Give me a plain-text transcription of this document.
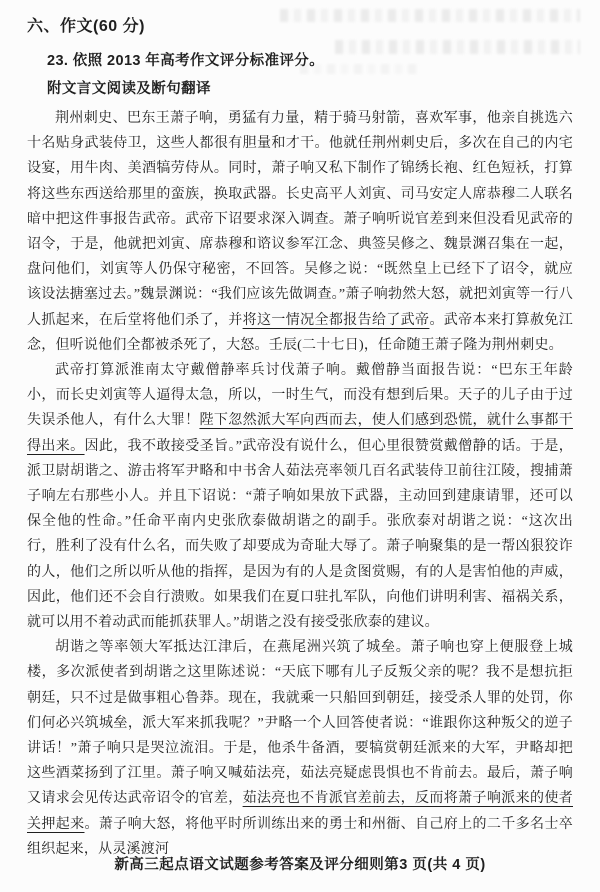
六、作文(60 分)
23. 依照 2013 年高考作文评分标准评分。
附文言文阅读及断句翻译

荆州刺史、巴东王萧子响，勇猛有力量，精于骑马射箭，喜欢军事，他亲自挑选六十名贴身武装侍卫，这些人都很有胆量和才干。他就任荆州刺史后，多次在自己的内宅设宴，用牛肉、美酒犒劳侍从。同时，萧子响又私下制作了锦绣长袍、红色短袄，打算将这些东西送给那里的蛮族，换取武器。长史高平人刘寅、司马安定人席恭穆二人联名暗中把这件事报告武帝。武帝下诏要求深入调查。萧子响听说官差到来但没看见武帝的诏令，于是，他就把刘寅、席恭穆和谘议参军江念、典签吴修之、魏景渊召集在一起，盘问他们，刘寅等人仍保守秘密，不回答。吴修之说：“既然皇上已经下了诏令，就应该设法搪塞过去。”魏景渊说：“我们应该先做调查。”萧子响勃然大怒，就把刘寅等一行八人抓起来，在后堂将他们杀了，并将这一情况全都报告给了武帝。武帝本来打算赦免江念，但听说他们全都被杀死了，大怒。壬辰(二十七日)，任命随王萧子隆为荆州刺史。

武帝打算派淮南太守戴僧静率兵讨伐萧子响。戴僧静当面报告说：“巴东王年龄小，而长史刘寅等人逼得太急，所以，一时生气，而没有想到后果。天子的儿子由于过失误杀他人，有什么大罪！陛下忽然派大军向西而去，使人们感到恐慌，就什么事都干得出来。因此，我不敢接受圣旨。”武帝没有说什么，但心里很赞赏戴僧静的话。于是，派卫尉胡谐之、游击将军尹略和中书舍人茹法亮率领几百名武装侍卫前往江陵，搜捕萧子响左右那些小人。并且下诏说：“萧子响如果放下武器，主动回到建康请罪，还可以保全他的性命。”任命平南内史张欣泰做胡谐之的副手。张欣泰对胡谐之说：“这次出行，胜利了没有什么名，而失败了却要成为奇耻大辱了。萧子响聚集的是一帮凶狠狡诈的人，他们之所以听从他的指挥，是因为有的人是贪图赏赐，有的人是害怕他的声威，因此，他们还不会自行溃败。如果我们在夏口驻扎军队，向他们讲明利害、福祸关系，就可以用不着动武而能抓获罪人。”胡谐之没有接受张欣泰的建议。

胡谐之等率领大军抵达江津后，在燕尾洲兴筑了城垒。萧子响也穿上便服登上城楼，多次派使者到胡谐之这里陈述说：“天底下哪有儿子反叛父亲的呢？我不是想抗拒朝廷，只不过是做事粗心鲁莽。现在，我就乘一只船回到朝廷，接受杀人罪的处罚，你们何必兴筑城垒，派大军来抓我呢？”尹略一个人回答使者说：“谁跟你这种叛父的逆子讲话！”萧子响只是哭泣流泪。于是，他杀牛备酒，要犒赏朝廷派来的大军，尹略却把这些酒菜扬到了江里。萧子响又喊茹法亮，茹法亮疑虑畏惧也不肯前去。最后，萧子响又请求会见传达武帝诏令的官差，茹法亮也不肯派官差前去，反而将萧子响派来的使者关押起来。萧子响大怒，将他平时所训练出来的勇士和州衙、自己府上的二千多名士卒组织起来，从灵溪渡河

新高三起点语文试题参考答案及评分细则第3 页(共 4 页)
